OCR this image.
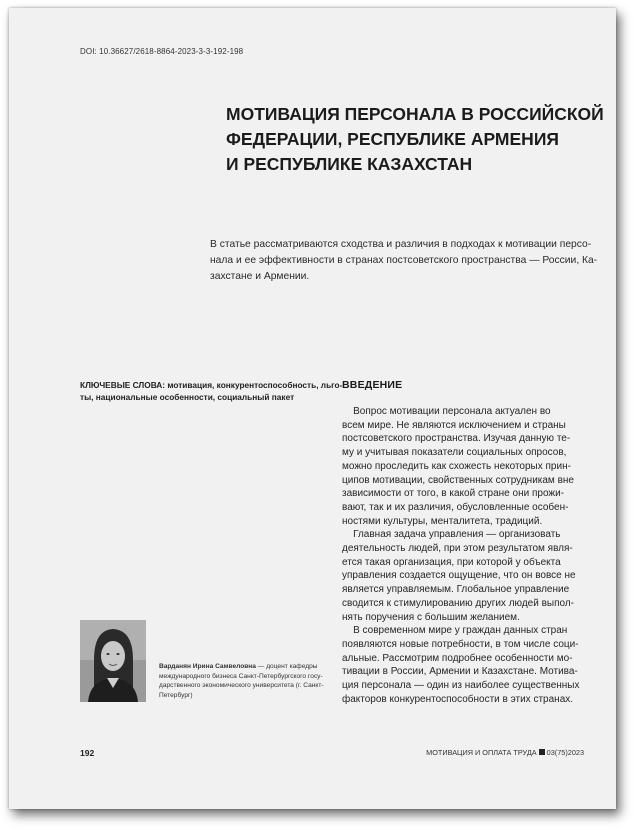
DOI: 10.36627/2618-8864-2023-3-3-192-198
МОТИВАЦИЯ ПЕРСОНАЛА В РОССИЙСКОЙ
ФЕДЕРАЦИИ, РЕСПУБЛИКЕ АРМЕНИЯ
И РЕСПУБЛИКЕ КАЗАХСТАН
В статье рассматриваются сходства и различия в подходах к мотивации персо-
нала и ее эффективности в странах постсоветского пространства — России, Ка-
захстане и Армении.
КЛЮЧЕВЫЕ СЛОВА: мотивация, конкурентоспособность, льго-
ты, национальные особенности, социальный пакет
ВВЕДЕНИЕ
Вопрос мотивации персонала актуален во
всем мире. Не являются исключением и страны
постсоветского пространства. Изучая данную те-
му и учитывая показатели социальных опросов,
можно проследить как схожесть некоторых прин-
ципов мотивации, свойственных сотрудникам вне
зависимости от того, в какой стране они прожи-
вают, так и их различия, обусловленные особен-
ностями культуры, менталитета, традиций.
Главная задача управления — организовать
деятельность людей, при этом результатом явля-
ется такая организация, при которой у объекта
управления создается ощущение, что он вовсе не
является управляемым. Глобальное управление
сводится к стимулированию других людей выпол-
нять поручения с большим желанием.
В современном мире у граждан данных стран
появляются новые потребности, в том числе соци-
альные. Рассмотрим подробнее особенности мо-
тивации в России, Армении и Казахстане. Мотива-
ция персонала — один из наиболее существенных
факторов конкурентоспособности в этих странах.
Варданян Ирина Самвеловна — доцент кафедры
международного бизнеса Санкт-Петербургского госу-
дарственного экономического университета (г. Санкт-
Петербург)
192	МОТИВАЦИЯ И ОПЛАТА ТРУДА 03(75)2023
